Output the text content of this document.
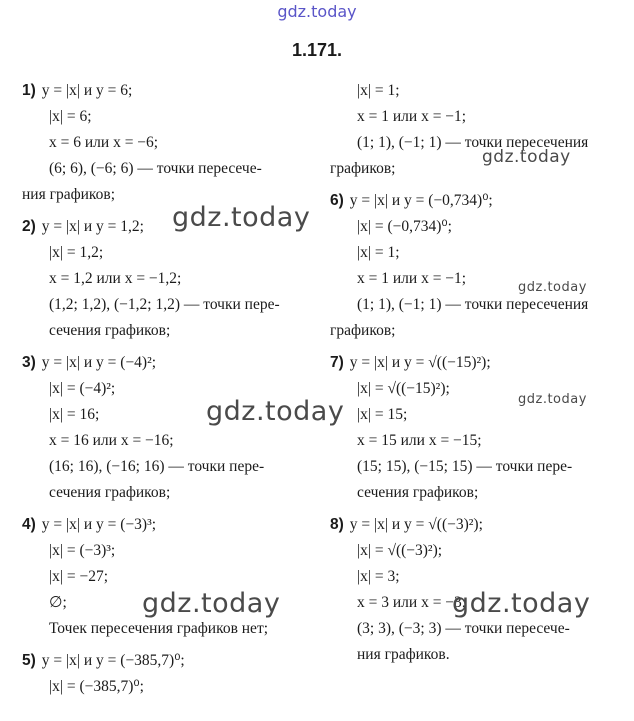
gdz.today
1.171.
1) y = |x| и y = 6;
|x| = 6;
x = 6 или x = −6;
(6; 6), (−6; 6) — точки пересече-
ния графиков;
2) y = |x| и y = 1,2;
|x| = 1,2;
x = 1,2 или x = −1,2;
(1,2; 1,2), (−1,2; 1,2) — точки пере-
сечения графиков;
3) y = |x| и y = (−4)²;
|x| = (−4)²;
|x| = 16;
x = 16 или x = −16;
(16; 16), (−16; 16) — точки пере-
сечения графиков;
4) y = |x| и y = (−3)³;
|x| = (−3)³;
|x| = −27;
∅;
Точек пересечения графиков нет;
5) y = |x| и y = (−385,7)⁰;
|x| = (−385,7)⁰;
|x| = 1;
x = 1 или x = −1;
(1; 1), (−1; 1) — точки пересечения
графиков;
6) y = |x| и y = (−0,734)⁰;
|x| = (−0,734)⁰;
|x| = 1;
x = 1 или x = −1;
(1; 1), (−1; 1) — точки пересечения
графиков;
7) y = |x| и y = √((−15)²);
|x| = √((−15)²);
|x| = 15;
x = 15 или x = −15;
(15; 15), (−15; 15) — точки пере-
сечения графиков;
8) y = |x| и y = √((−3)²);
|x| = √((−3)²);
|x| = 3;
x = 3 или x = −3;
(3; 3), (−3; 3) — точки пересече-
ния графиков.
gdz.today
gdz.today
gdz.today
gdz.today
gdz.today
gdz.today	gdz.today
